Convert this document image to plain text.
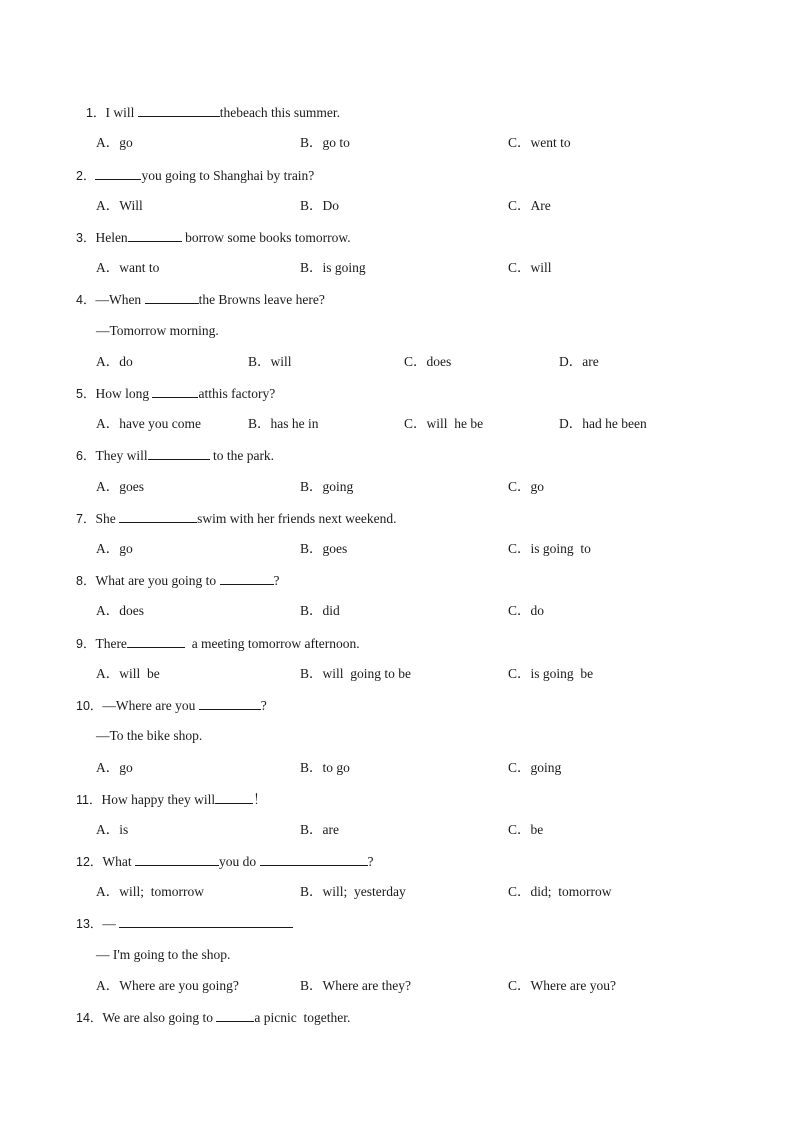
1．I will	thebeach this summer.
A．go	B．go to	C．went to
2．	you going to Shanghai by train?
A．Will	B．Do	C．Are
3．Helen	borrow some books tomorrow.
A．want to	B．is going	C．will
4．—When	the Browns leave here?
—Tomorrow morning.
A．do	B．will	C．does	D．are
5．How long	atthis factory?
A．have you come	B．has he in	C．will  he be	D．had he been
6．They will	to the park.
A．goes	B．going	C．go
7．She	swim with her friends next weekend.
A．go	B．goes	C．is going  to
8．What are you going to	?
A．does	B．did	C．do
9．There	a meeting tomorrow afternoon.
A．will  be	B．will  going to be	C．is going  be
10．—Where are you	?
—To the bike shop.
A．go	B．to go	C．going
11．How happy they will	！
A．is	B．are	C．be
12．What	you do	?
A．will;  tomorrow	B．will;  yesterday	C．did;  tomorrow
13．—
— I'm going to the shop.
A．Where are you going?	B．Where are they?	C．Where are you?
14．We are also going to	a picnic  together.
